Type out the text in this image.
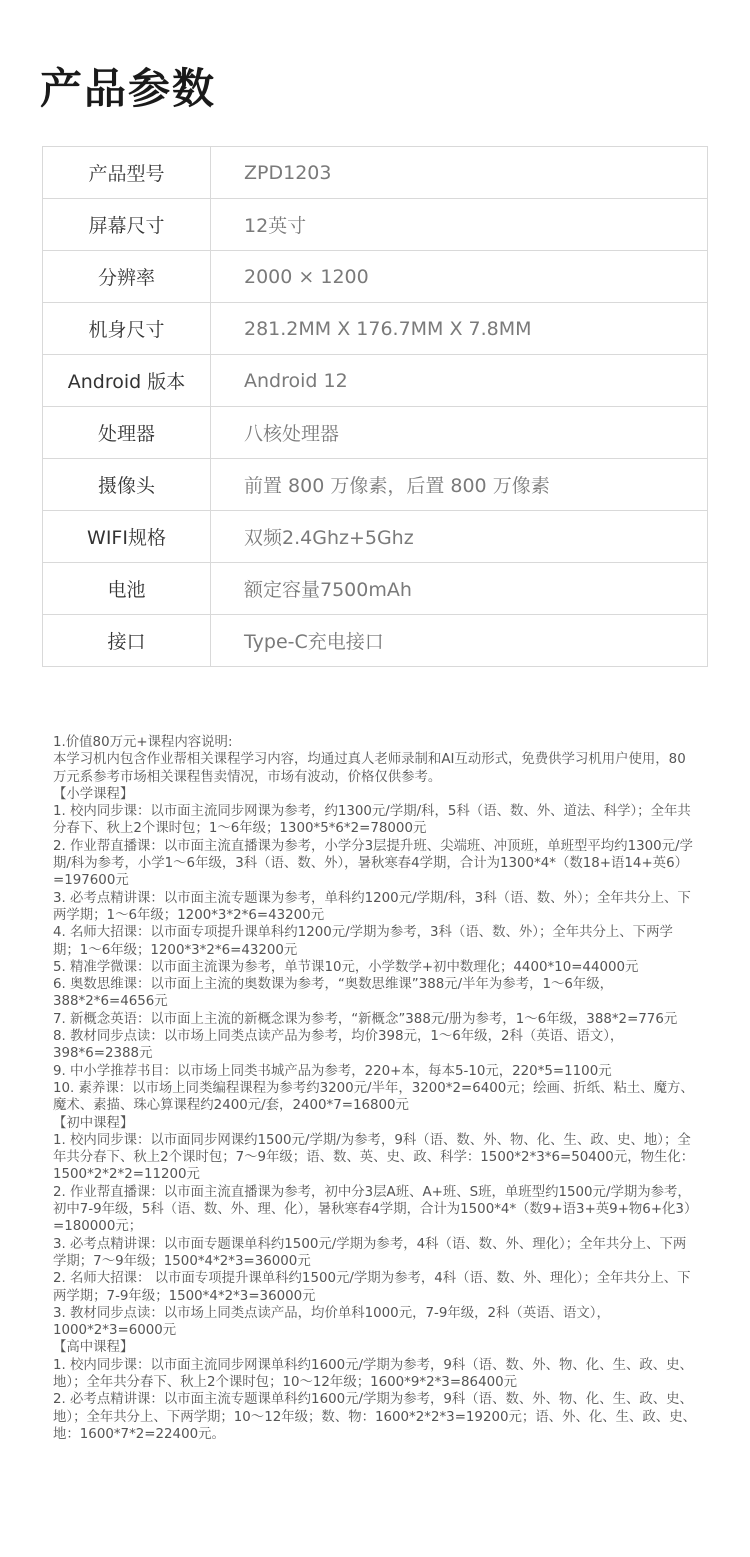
产品参数
产品型号	ZPD1203
屏幕尺寸	12英寸
分辨率	2000 × 1200
机身尺寸	281.2MM X 176.7MM X 7.8MM
Android 版本	Android 12
处理器	八核处理器
摄像头	前置 800 万像素，后置 800 万像素
WIFI规格	双频2.4Ghz+5Ghz
电池	额定容量7500mAh
接口	Type-C充电接口

1.价值80万元+课程内容说明:

本学习机内包含作业帮相关课程学习内容，均通过真人老师录制和AI互动形式，免费供学习机用户使用，80万元系参考市场相关课程售卖情况，市场有波动，价格仅供参考。

【小学课程】

1. 校内同步课：以市面主流同步网课为参考，约1300元/学期/科，5科（语、数、外、道法、科学）；全年共分春下、秋上2个课时包；1～6年级；1300*5*6*2=78000元

2. 作业帮直播课：以市面主流直播课为参考，小学分3层提升班、尖端班、冲顶班，单班型平均约1300元/学期/科为参考，小学1～6年级，3科（语、数、外），暑秋寒春4学期，合计为1300*4*（数18+语14+英6）=197600元

3. 必考点精讲课：以市面主流专题课为参考，单科约1200元/学期/科，3科（语、数、外）；全年共分上、下两学期；1～6年级；1200*3*2*6=43200元

4. 名师大招课：以市面专项提升课单科约1200元/学期为参考，3科（语、数、外）；全年共分上、下两学期；1～6年级；1200*3*2*6=43200元

5. 精准学微课：以市面主流课为参考，单节课10元，小学数学+初中数理化；4400*10=44000元

6. 奥数思维课：以市面上主流的奥数课为参考，“奥数思维课”388元/半年为参考，1～6年级，388*2*6=4656元

7. 新概念英语：以市面上主流的新概念课为参考，“新概念”388元/册为参考，1～6年级，388*2=776元

8. 教材同步点读：以市场上同类点读产品为参考，均价398元，1～6年级，2科（英语、语文），398*6=2388元

9. 中小学推荐书目：以市场上同类书城产品为参考，220+本，每本5-10元，220*5=1100元

10. 素养课：以市场上同类编程课程为参考约3200元/半年，3200*2=6400元；绘画、折纸、粘土、魔方、魔术、素描、珠心算课程约2400元/套，2400*7=16800元

【初中课程】

1. 校内同步课：以市面同步网课约1500元/学期/为参考，9科（语、数、外、物、化、生、政、史、地）；全年共分春下、秋上2个课时包；7～9年级；语、数、英、史、政、科学：1500*2*3*6=50400元，物生化：1500*2*2*2=11200元

2. 作业帮直播课：以市面主流直播课为参考，初中分3层A班、A+班、S班，单班型约1500元/学期为参考，初中7-9年级，5科（语、数、外、理、化），暑秋寒春4学期，合计为1500*4*（数9+语3+英9+物6+化3）=180000元；

3. 必考点精讲课：以市面专题课单科约1500元/学期为参考，4科（语、数、外、理化）；全年共分上、下两学期；7～9年级；1500*4*2*3=36000元

2. 名师大招课： 以市面专项提升课单科约1500元/学期为参考，4科（语、数、外、理化）；全年共分上、下两学期；7-9年级；1500*4*2*3=36000元

3. 教材同步点读：以市场上同类点读产品，均价单科1000元，7-9年级，2科（英语、语文），1000*2*3=6000元

【高中课程】

1. 校内同步课：以市面主流同步网课单科约1600元/学期为参考，9科（语、数、外、物、化、生、政、史、地）；全年共分春下、秋上2个课时包；10～12年级；1600*9*2*3=86400元

2. 必考点精讲课：以市面主流专题课单科约1600元/学期为参考，9科（语、数、外、物、化、生、政、史、地）；全年共分上、下两学期；10～12年级；数、物：1600*2*2*3=19200元；语、外、化、生、政、史、地：1600*7*2=22400元。
